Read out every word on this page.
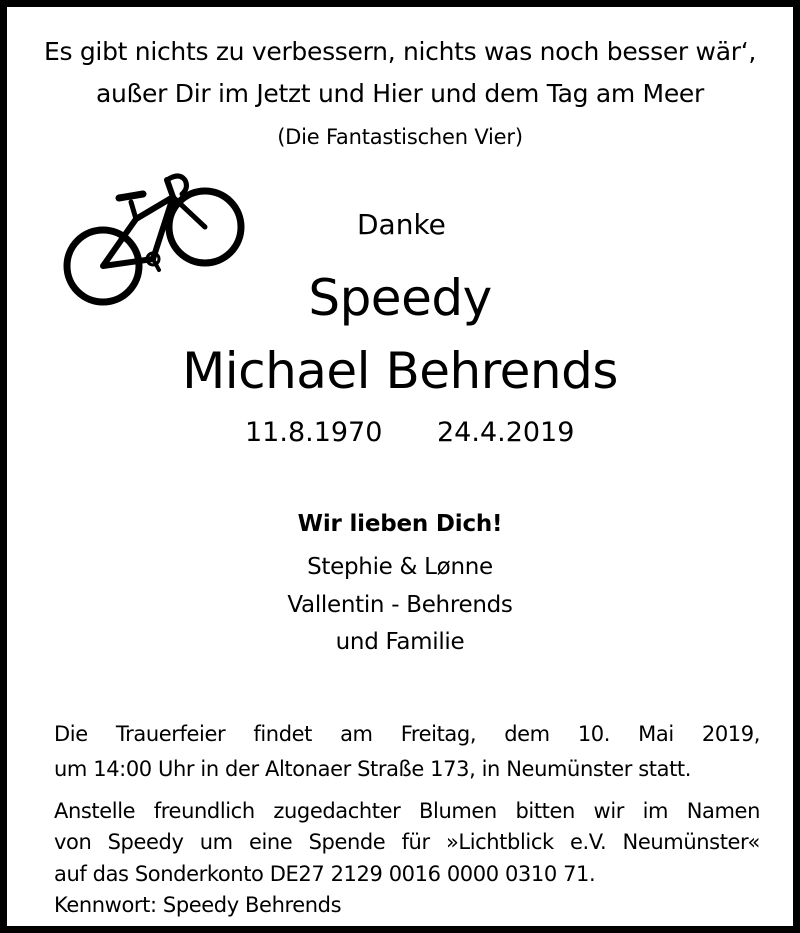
Es gibt nichts zu verbessern, nichts was noch besser wär‘,
außer Dir im Jetzt und Hier und dem Tag am Meer
(Die Fantastischen Vier)
Danke
Speedy
Michael Behrends
11.8.1970 24.4.2019
Wir lieben Dich!
Stephie & Lønne
Vallentin - Behrends
und Familie
Die Trauerfeier findet am Freitag, dem 10. Mai 2019,
um 14:00 Uhr in der Altonaer Straße 173, in Neumünster statt.
Anstelle freundlich zugedachter Blumen bitten wir im Namen
von Speedy um eine Spende für »Lichtblick e.V. Neumünster«
auf das Sonderkonto DE27 2129 0016 0000 0310 71.
Kennwort: Speedy Behrends
